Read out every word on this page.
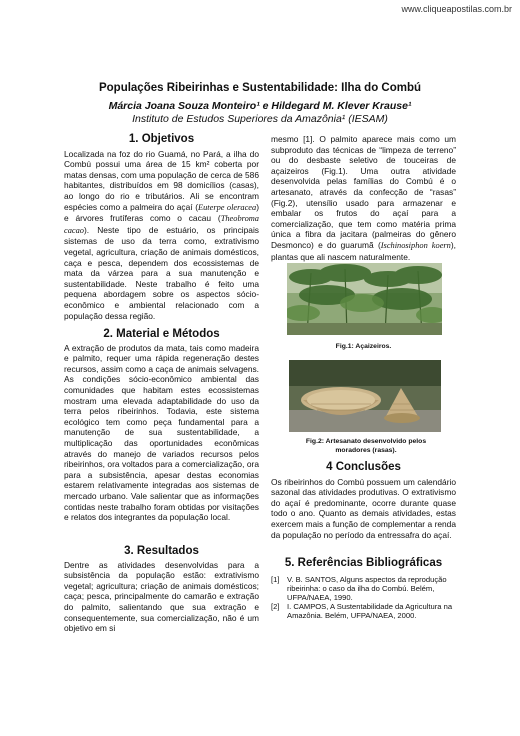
www.cliqueapostilas.com.br
Populações Ribeirinhas e Sustentabilidade: Ilha do Combú
Márcia Joana Souza Monteiro¹ e Hildegard M. Klever Krause¹
Instituto de Estudos Superiores da Amazônia¹ (IESAM)

1. Objetivos

Localizada na foz do rio Guamá, no Pará, a ilha do Combú possui uma área de 15 km² coberta por matas densas, com uma população de cerca de 586 habitantes, distribuídos em 98 domicílios (casas), ao longo do rio e tributários. Ali se encontram espécies como a palmeira do açaí (Euterpe oleracea) e árvores frutíferas como o cacau (Theobroma cacao). Neste tipo de estuário, os principais sistemas de uso da terra como, extrativismo vegetal, agricultura, criação de animais domésticos, caça e pesca, dependem dos ecossistemas de mata da várzea para a sua manutenção e sustentabilidade. Neste trabalho é feito uma pequena abordagem sobre os aspectos sócio-econômico e ambiental relacionado com a população dessa região.

2. Material e Métodos

A extração de produtos da mata, tais como madeira e palmito, requer uma rápida regeneração destes recursos, assim como a caça de animais selvagens. As condições sócio-econômico ambiental das comunidades que habitam estes ecossistemas mostram uma elevada adaptabilidade do uso da terra pelos ribeirinhos. Todavia, este sistema ecológico tem como peça fundamental para a manutenção de sua sustentabilidade, a multiplicação das oportunidades econômicas através do manejo de variados recursos pelos ribeirinhos, ora voltados para a comercialização, ora para a subsistência, apesar destas economias estarem relativamente integradas aos sistemas de mercado urbano. Vale salientar que as informações contidas neste trabalho foram obtidas por visitações e relatos dos integrantes da população local.

3. Resultados

Dentre as atividades desenvolvidas para a subsistência da população estão: extrativismo vegetal; agricultura; criação de animais domésticos; caça; pesca, principalmente do camarão e extração do palmito, salientando que sua extração e consequentemente, sua comercialização, não é um objetivo em si

mesmo [1]. O palmito aparece mais como um subproduto das técnicas de “limpeza de terreno” ou do desbaste seletivo de touceiras de açaizeiros (Fig.1). Uma outra atividade desenvolvida pelas famílias do Combú é o artesanato, através da confecção de “rasas” (Fig.2), utensílio usado para armazenar e embalar os frutos do açaí para a comercialização, que tem como matéria prima única a fibra da jacitara (palmeiras do gênero Desmonco) e do guarumã (Ischinosiphon koern), plantas que ali nascem naturalmente.

Fig.1: Açaizeiros.
Fig.2: Artesanato desenvolvido pelos moradores (rasas).

4 Conclusões

Os ribeirinhos do Combú possuem um calendário sazonal das atividades produtivas. O extrativismo do açaí é predominante, ocorre durante quase todo o ano. Quanto as demais atividades, estas exercem mais a função de complementar a renda da população no período da entressafra do açaí.

5. Referências Bibliográficas

[1] V. B. SANTOS, Alguns aspectos da reprodução ribeirinha: o caso da ilha do Combú. Belém, UFPA/NAEA, 1990.
[2] I. CAMPOS, A Sustentabilidade da Agricultura na Amazônia. Belém, UFPA/NAEA, 2000.
